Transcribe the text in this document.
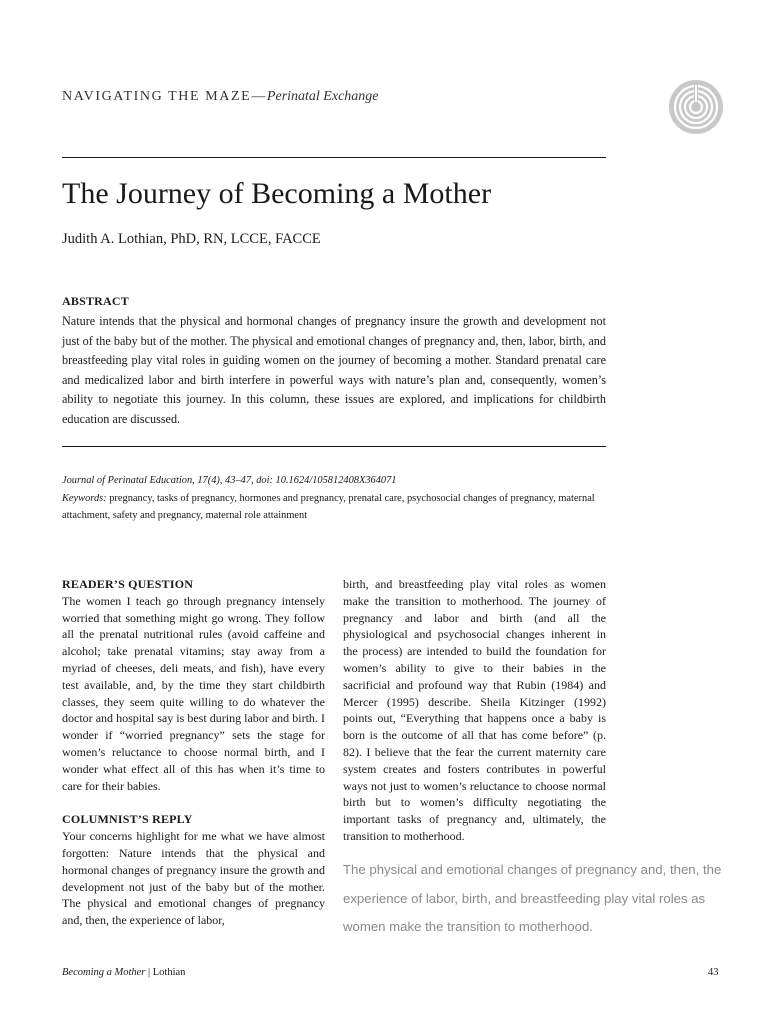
NAVIGATING THE MAZE—Perinatal Exchange
The Journey of Becoming a Mother
Judith A. Lothian, PhD, RN, LCCE, FACCE
ABSTRACT
Nature intends that the physical and hormonal changes of pregnancy insure the growth and development not just of the baby but of the mother. The physical and emotional changes of pregnancy and, then, labor, birth, and breastfeeding play vital roles in guiding women on the journey of becoming a mother. Standard prenatal care and medicalized labor and birth interfere in powerful ways with nature’s plan and, consequently, women’s ability to negotiate this journey. In this column, these issues are explored, and implications for childbirth education are discussed.
Journal of Perinatal Education, 17(4), 43–47, doi: 10.1624/105812408X364071
Keywords: pregnancy, tasks of pregnancy, hormones and pregnancy, prenatal care, psychosocial changes of pregnancy, maternal attachment, safety and pregnancy, maternal role attainment
READER’S QUESTION

The women I teach go through pregnancy intensely worried that something might go wrong. They follow all the prenatal nutritional rules (avoid caffeine and alcohol; take prenatal vitamins; stay away from a myriad of cheeses, deli meats, and fish), have every test available, and, by the time they start childbirth classes, they seem quite willing to do whatever the doctor and hospital say is best during labor and birth. I wonder if “worried pregnancy” sets the stage for women’s reluctance to choose normal birth, and I wonder what effect all of this has when it’s time to care for their babies.

COLUMNIST’S REPLY

Your concerns highlight for me what we have almost forgotten: Nature intends that the physical and hormonal changes of pregnancy insure the growth and development not just of the baby but of the mother. The physical and emotional changes of pregnancy and, then, the experience of labor,

birth, and breastfeeding play vital roles as women make the transition to motherhood. The journey of pregnancy and labor and birth (and all the physiological and psychosocial changes inherent in the process) are intended to build the foundation for women’s ability to give to their babies in the sacrificial and profound way that Rubin (1984) and Mercer (1995) describe. Sheila Kitzinger (1992) points out, “Everything that happens once a baby is born is the outcome of all that has come before” (p. 82). I believe that the fear the current maternity care system creates and fosters contributes in powerful ways not just to women’s reluctance to choose normal birth but to women’s difficulty negotiating the important tasks of pregnancy and, ultimately, the transition to motherhood.

The physical and emotional changes of pregnancy and, then, the experience of labor, birth, and breastfeeding play vital roles as women make the transition to motherhood.
Becoming a Mother | Lothian	43
